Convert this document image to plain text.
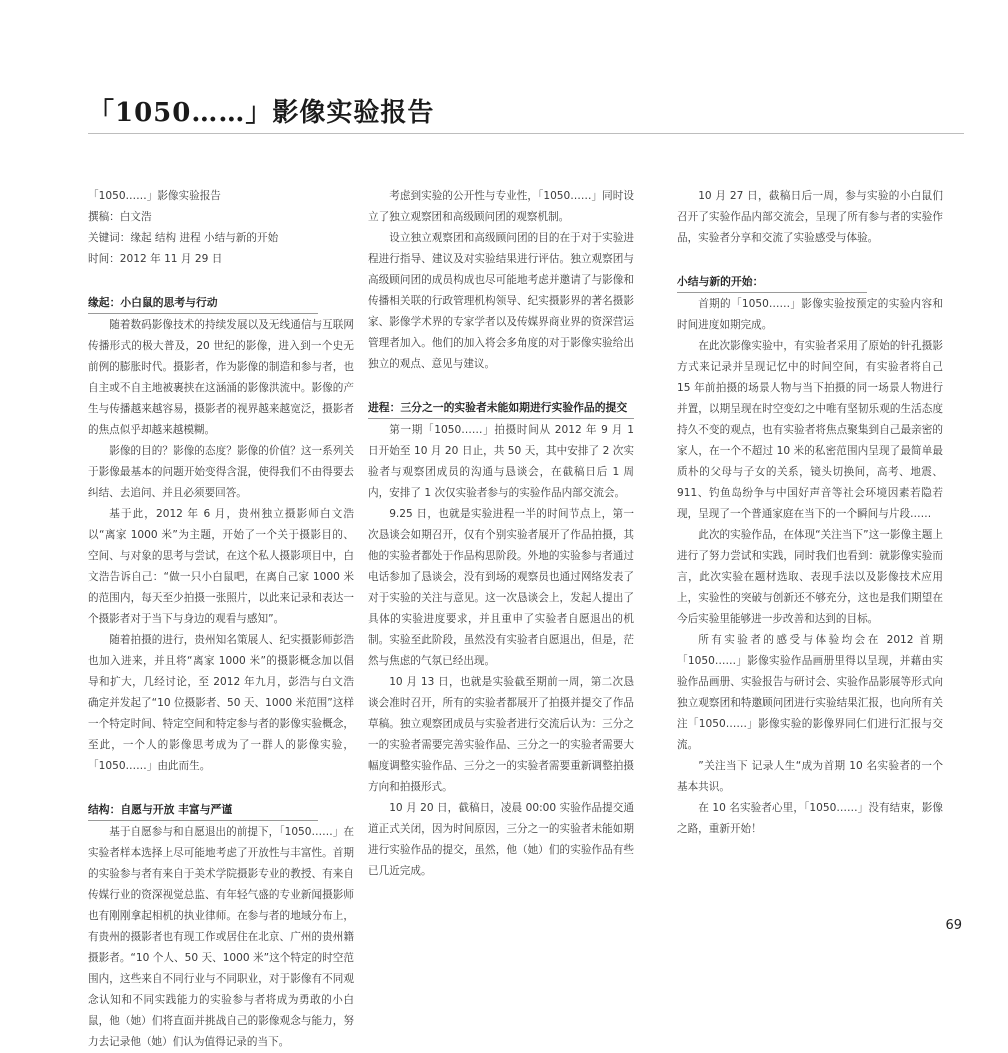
「1050……」影像实验报告

「1050……」影像实验报告

撰稿：白文浩

关键词：缘起 结构 进程 小结与新的开始

时间：2012 年 11 月 29 日

缘起：小白鼠的思考与行动

随着数码影像技术的持续发展以及无线通信与互联网传播形式的极大普及，20 世纪的影像，进入到一个史无前例的膨胀时代。摄影者，作为影像的制造和参与者，也自主或不自主地被裹挟在这涵涌的影像洪流中。影像的产生与传播越来越容易，摄影者的视界越来越宽泛，摄影者的焦点似乎却越来越模糊。

影像的目的？影像的态度？影像的价值？这一系列关于影像最基本的问题开始变得含混，使得我们不由得要去纠结、去追问、并且必须要回答。

基于此，2012 年 6 月，贵州独立摄影师白文浩以“离家 1000 米”为主题，开始了一个关于摄影目的、空间、与对象的思考与尝试，在这个私人摄影项目中，白文浩告诉自己：“做一只小白鼠吧，在离自己家 1000 米的范围内，每天至少拍摄一张照片，以此来记录和表达一个摄影者对于当下与身边的观看与感知”。

随着拍摄的进行，贵州知名策展人、纪实摄影师彭浩也加入进来，并且将“离家 1000 米”的摄影概念加以倡导和扩大，几经讨论，至 2012 年九月，彭浩与白文浩确定并发起了“10 位摄影者、50 天、1000 米范围”这样一个特定时间、特定空间和特定参与者的影像实验概念，至此，一个人的影像思考成为了一群人的影像实验，「1050……」由此而生。

结构：自愿与开放 丰富与严谨

基于自愿参与和自愿退出的前提下，「1050……」在实验者样本选择上尽可能地考虑了开放性与丰富性。首期的实验参与者有来自于美术学院摄影专业的教授、有来自传媒行业的资深视觉总监、有年轻气盛的专业新闻摄影师也有刚刚拿起相机的执业律师。在参与者的地域分布上，有贵州的摄影者也有现工作或居住在北京、广州的贵州籍摄影者。“10 个人、50 天、1000 米”这个特定的时空范围内，这些来自不同行业与不同职业，对于影像有不同观念认知和不同实践能力的实验参与者将成为勇敢的小白鼠，他（她）们将直面并挑战自己的影像观念与能力，努力去记录他（她）们认为值得记录的当下。

考虑到实验的公开性与专业性，「1050……」同时设立了独立观察团和高级顾问团的观察机制。

设立独立观察团和高级顾问团的目的在于对于实验进程进行指导、建议及对实验结果进行评估。独立观察团与高级顾问团的成员构成也尽可能地考虑并邀请了与影像和传播相关联的行政管理机构领导、纪实摄影界的著名摄影家、影像学术界的专家学者以及传媒界商业界的资深营运管理者加入。他们的加入将会多角度的对于影像实验给出独立的观点、意见与建议。

进程：三分之一的实验者未能如期进行实验作品的提交

第一期「1050……」拍摄时间从 2012 年 9 月 1 日开始至 10 月 20 日止，共 50 天，其中安排了 2 次实验者与观察团成员的沟通与恳谈会，在截稿日后 1 周内，安排了 1 次仅实验者参与的实验作品内部交流会。

9.25 日，也就是实验进程一半的时间节点上，第一次恳谈会如期召开，仅有个别实验者展开了作品拍摄，其他的实验者都处于作品构思阶段。外地的实验参与者通过电话参加了恳谈会，没有到场的观察员也通过网络发表了对于实验的关注与意见。这一次恳谈会上，发起人提出了具体的实验进度要求，并且重申了实验者自愿退出的机制。实验至此阶段，虽然没有实验者自愿退出，但是，茫然与焦虑的气氛已经出现。

10 月 13 日，也就是实验截至期前一周，第二次恳谈会准时召开，所有的实验者都展开了拍摄并提交了作品草稿。独立观察团成员与实验者进行交流后认为：三分之一的实验者需要完善实验作品、三分之一的实验者需要大幅度调整实验作品、三分之一的实验者需要重新调整拍摄方向和拍摄形式。

10 月 20 日，截稿日，凌晨 00:00 实验作品提交通道正式关闭，因为时间原因，三分之一的实验者未能如期进行实验作品的提交，虽然，他（她）们的实验作品有些已几近完成。

10 月 27 日，截稿日后一周，参与实验的小白鼠们召开了实验作品内部交流会，呈现了所有参与者的实验作品，实验者分享和交流了实验感受与体验。

小结与新的开始：

首期的「1050……」影像实验按预定的实验内容和时间进度如期完成。

在此次影像实验中，有实验者采用了原始的针孔摄影方式来记录并呈现记忆中的时间空间，有实验者将自己 15 年前拍摄的场景人物与当下拍摄的同一场景人物进行并置，以期呈现在时空变幻之中唯有坚韧乐观的生活态度持久不变的观点，也有实验者将焦点聚集到自己最亲密的家人，在一个不超过 10 米的私密范围内呈现了最简单最质朴的父母与子女的关系，镜头切换间，高考、地震、911、钓鱼岛纷争与中国好声音等社会环境因素若隐若现，呈现了一个普通家庭在当下的一个瞬间与片段……

此次的实验作品，在体现“关注当下”这一影像主题上进行了努力尝试和实践，同时我们也看到：就影像实验而言，此次实验在题材选取、表现手法以及影像技术应用上，实验性的突破与创新还不够充分，这也是我们期望在今后实验里能够进一步改善和达到的目标。

所有实验者的感受与体验均会在 2012 首期「1050……」影像实验作品画册里得以呈现，并藉由实验作品画册、实验报告与研讨会、实验作品影展等形式向独立观察团和特邀顾问团进行实验结果汇报，也向所有关注「1050……」影像实验的影像界同仁们进行汇报与交流。

”关注当下 记录人生“成为首期 10 名实验者的一个基本共识。

在 10 名实验者心里，「1050……」没有结束，影像之路，重新开始！

69
